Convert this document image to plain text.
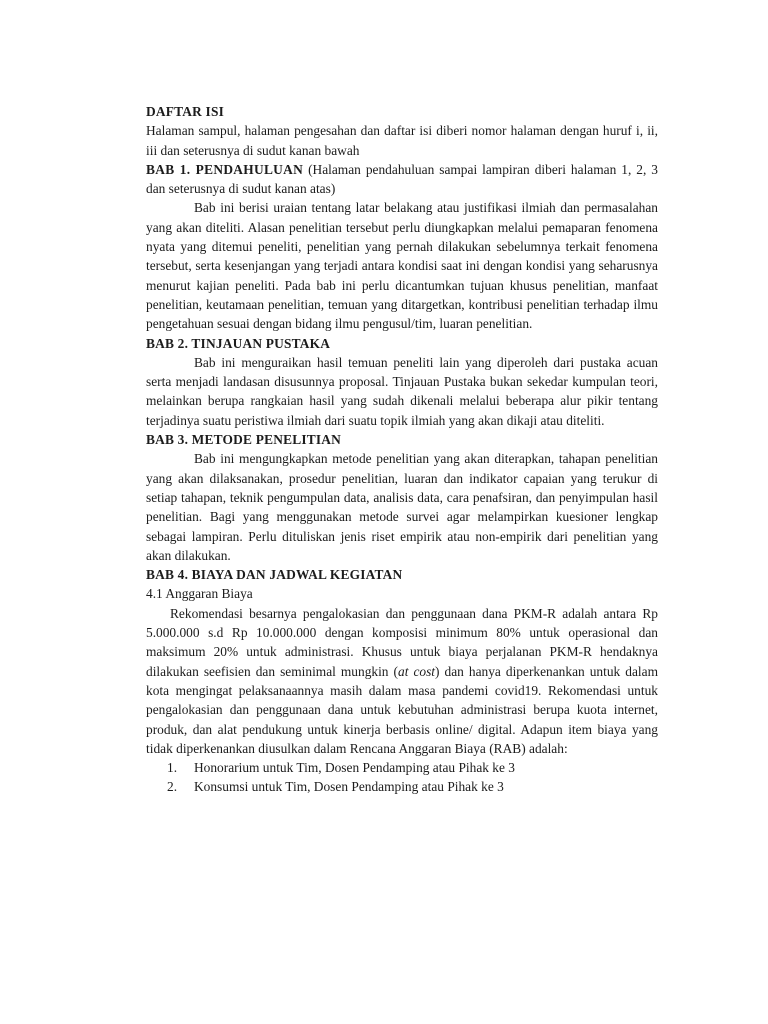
DAFTAR ISI

Halaman sampul, halaman pengesahan dan daftar isi diberi nomor halaman dengan huruf i, ii, iii dan seterusnya di sudut kanan bawah

BAB 1. PENDAHULUAN (Halaman pendahuluan sampai lampiran diberi halaman 1, 2, 3 dan seterusnya di sudut kanan atas)

Bab ini berisi uraian tentang latar belakang atau justifikasi ilmiah dan permasalahan yang akan diteliti. Alasan penelitian tersebut perlu diungkapkan melalui pemaparan fenomena nyata yang ditemui peneliti, penelitian yang pernah dilakukan sebelumnya terkait fenomena tersebut, serta kesenjangan yang terjadi antara kondisi saat ini dengan kondisi yang seharusnya menurut kajian peneliti. Pada bab ini perlu dicantumkan tujuan khusus penelitian, manfaat penelitian, keutamaan penelitian, temuan yang ditargetkan, kontribusi penelitian terhadap ilmu pengetahuan sesuai dengan bidang ilmu pengusul/tim, luaran penelitian.

BAB 2. TINJAUAN PUSTAKA

Bab ini menguraikan hasil temuan peneliti lain yang diperoleh dari pustaka acuan serta menjadi landasan disusunnya proposal. Tinjauan Pustaka bukan sekedar kumpulan teori, melainkan berupa rangkaian hasil yang sudah dikenali melalui beberapa alur pikir tentang terjadinya suatu peristiwa ilmiah dari suatu topik ilmiah yang akan dikaji atau diteliti.

BAB 3. METODE PENELITIAN

Bab ini mengungkapkan metode penelitian yang akan diterapkan, tahapan penelitian yang akan dilaksanakan, prosedur penelitian, luaran dan indikator capaian yang terukur di setiap tahapan, teknik pengumpulan data, analisis data, cara penafsiran, dan penyimpulan hasil penelitian. Bagi yang menggunakan metode survei agar melampirkan kuesioner lengkap sebagai lampiran. Perlu dituliskan jenis riset empirik atau non-empirik dari penelitian yang akan dilakukan.

BAB 4. BIAYA DAN JADWAL KEGIATAN

4.1 Anggaran Biaya

Rekomendasi besarnya pengalokasian dan penggunaan dana PKM-R adalah antara Rp 5.000.000 s.d Rp 10.000.000 dengan komposisi minimum 80% untuk operasional dan maksimum 20% untuk administrasi. Khusus untuk biaya perjalanan PKM-R hendaknya dilakukan seefisien dan seminimal mungkin (at cost) dan hanya diperkenankan untuk dalam kota mengingat pelaksanaannya masih dalam masa pandemi covid19. Rekomendasi untuk pengalokasian dan penggunaan dana untuk kebutuhan administrasi berupa kuota internet, produk, dan alat pendukung untuk kinerja berbasis online/ digital. Adapun item biaya yang tidak diperkenankan diusulkan dalam Rencana Anggaran Biaya (RAB) adalah:

1.	Honorarium untuk Tim, Dosen Pendamping atau Pihak ke 3
2.	Konsumsi untuk Tim, Dosen Pendamping atau Pihak ke 3
